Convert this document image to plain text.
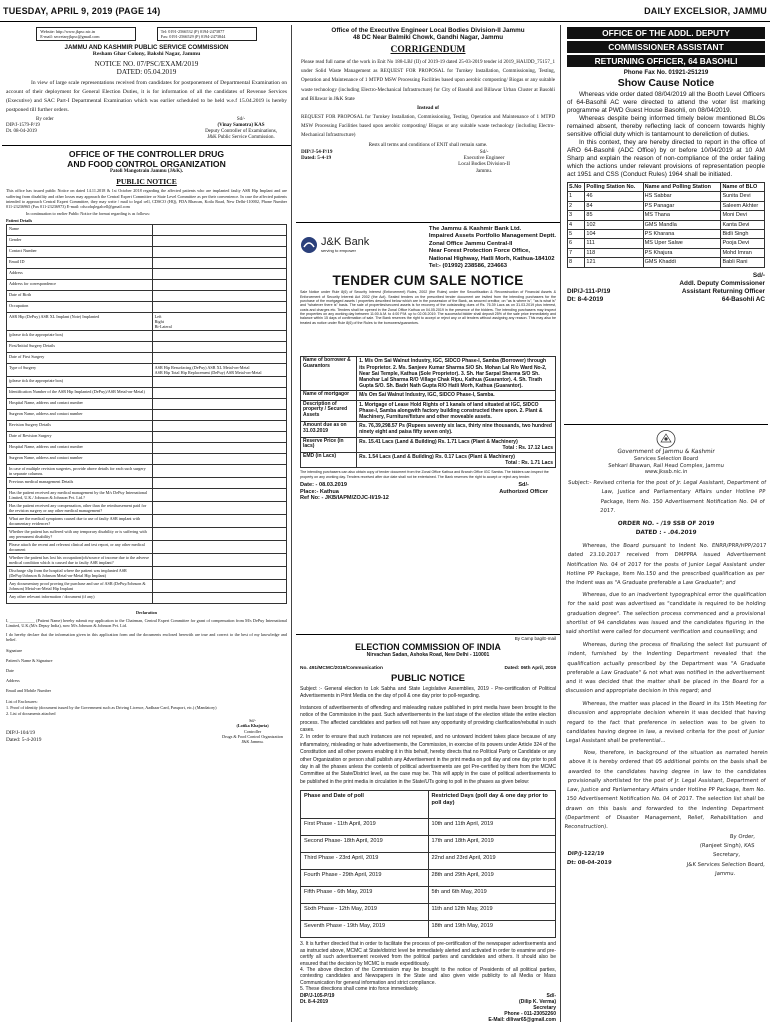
TUESDAY, APRIL 9, 2019 (PAGE 14)	DAILY EXCELSIOR, JAMMU
Website: http://www.jkpsc.nic.in
E-mail: secretaryjkpsc@gmail.com
Tel: 0191-2566532 (P) 0194-2473877
Fax: 0191-2566529 (P) 0194-2473844
JAMMU AND KASHMIR PUBLIC SERVICE COMMISSION
Resham Ghar Colony, Bakshi Nagar, Jammu
NOTICE NO. 07/PSC/EXAM/2019
DATED: 05.04.2019

In view of large scale representations received from candidates for postponement of Departmental Examination on account of their deployment for General Election Duties, it is for information of all the candidates of Revenue Services (Executive) and SAC Part-I Departmental Examination which was earlier scheduled to be held w.e.f 15.04.2019 is hereby postponed till further orders.

By order
DIP/J-1579-P/19
Dt. 08-04-2019
Sd/-
(Vinay Samotra) KAS
Deputy Controller of Examinations,
J&K Public Service Commission.
OFFICE OF THE CONTROLLER DRUG
AND FOOD CONTROL ORGANIZATION
Patoli Mangotrain Jammu (J&K).
PUBLIC NOTICE

This office has issued public Notice on dated 14.11.2018 & 1st October 2018 regarding the affected patients who are implanted faulty ASR Hip Implant and are suffering from disability and other losses may approach the Central Expert Committee or State Level Committee as per their convenience. In case the affected patients intended to approach Central Expert Committee, they may write / mail to legal cell, CDSCO (HQ), FDA Bhawan, Kotla Road, New Delhi-110002, Phone Number 011-23236965 (Fax 011-23236973) E-mail: cdscohqlegalcell@gmail.com

In continuation to earlier Public Notice the format regarding is as follows:

Patient Details
Name	
Gender	
Contact Number	
Email ID	
Address	
Address for correspondence	
Date of Birth	
Occupation	
ASR Hip (DePuy) ASR XL Implant (Note) Implanted	Left
Right
Bi-Lateral

(please tick the appropriate box)	
First/Initial Surgery Details	
Date of First Surgery	
Type of Surgery	ASR Hip Resurfacing (DePuy) ASR XL Metal-on-Metal
ASR Hip Total Hip Replacement (DePuy) ASR Metal-on-Metal

(please tick the appropriate box)	
Identification Number of the ASR Hip Implanted (DePuy)/ASR Metal-on-Metal)	
Hospital Name, address and contact number	
Surgeon Name, address and contact number	
Revision Surgery Details	
Date of Revision Surgery	
Hospital Name, address and contact number	
Surgeon Name, address and contact number	
In case of multiple revision surgeries, provide above details for each such surgery in separate columns.	
Previous medical management Details	
Has the patient received any medical management by the M/s DePuy International Limited, U.K./ Johnson & Johnson Pvt. Ltd.?	
Has the patient received any compensation, other than the reimbursement paid for the revision surgery or any other medical management?	
What are the medical symptoms caused due to use of faulty ASR implant with documentary evidences?	
Whether the patient has suffered with any temporary disability or is suffering with any permanent disability?	
Please attach the recent and relevant clinical and test report, or any other medical document	
Whether the patient has lost his occupation/job/source of income due to the adverse medical condition which is caused due to faulty ASR implant?	
Discharge slip from the hospital where the patient was implanted ASR (DePuy/Johnson & Johnson Metal-on-Metal Hip Implant)	
Any documentary proof proving the purchase and use of ASR (DePuy/Johnson & Johnson) Metal-on-Metal Hip Implant	
Any other relevant information / document (if any)	
Declaration

I, ____________ (Patient Name) hereby submit my application to the Chairman, Central Expert Committee for grant of compensation from M/s DePuy International Limited, U.K.(M/s Depuy India), now M/s Johnson & Johnson Pvt. Ltd.

I do hereby declare that the information given in this application form and the documents enclosed herewith are true and correct to the best of my knowledge and belief.

Signature
Patient's Name & Signature
Date
Address
Email and Mobile Number
List of Enclosures:
1. Proof of identity (document issued by the Government such as Driving Licence, Aadhaar Card, Passport, etc.) (Mandatory)
2. List of documents attached
DIP/J-104/19
Dated: 5-4-2019
Sd/-
(Lotika Khajuria)
Controller
Drugs & Food Control Organization
J&K Jammu.
Office of the Executive Engineer Local Bodies Division-II Jammu
48 DC Near Balmiki Chowk, Gandhi Nagar, Jammu
CORRIGENDUM

Please read full name of the work in Enit No 188-LBJ (II) of 2019-19 dated 25-03-2019 tender id 2019_HAUDD_75157_1 under Solid Waste Management as REQUEST FOR PROPOSAL for Turnkey Installation, Commissioning, Testing, Operation and Maintenance of 1 MTPD MSW Processing Facilities based upon aerobic composting/ Biogas or any suitable waste technology (including Electro-Mechanical Infrastructure) for City of Basohli and Billawar Urban Cluster at Basohli and Billawar in J&K State

Instead of

REQUEST FOR PROPOSAL for Turnkey Installation, Commissioning, Testing, Operation and Maintenance of 1 MTPD MSW Processing Facilities based upon aerobic composting/ Biogas or any suitable waste technology (including Electro-Mechanical Infrastructure)

Rests all terms and conditions of ENIT shall remain same.
DIP/J-54-P/19
Dated: 5-4-19
Sd/-
Executive Engineer
Local Bodies Division-II
Jammu.
J&K Bank
serving to empower
The Jammu & Kashmir Bank Ltd.
Impaired Assets Portfolio Management Deptt.
Zonal Office Jammu Central-II
Near Forest Protection Force Office,
National Highway, Hatli Morh, Kathua-184102
Tel:- (01992) 238586, 234663
TENDER CUM SALE NOTICE

Sale Notice under Rule 8(6) of Security Interest (Enforcement) Rules, 2002 (the Rules) under the Securitisation & Reconstruction of Financial Assets & Enforcement of Security Interest Act 2002 (the Act). Sealed tenders on the prescribed tender document are invited from the intending purchasers for the purchase of the mortgaged assets / properties described below which are in the possession of the Bank, as secured creditor, on "as is where is", "as is what is" and "whatever there is" basis. The sale of properties/secured assets is for recovery of the outstanding dues of Rs. 76.39 Lacs as on 31.03.2019 plus interest, costs and charges etc. Tenders shall be opened in the Zonal Office Kathua on 04.05.2019 in the presence of the bidders. The intending purchasers may inspect the properties on any working day between 11:00 A.M. to 4:00 P.M. up to 02.05.2019. The successful bidder shall deposit 25% of the sale price immediately and balance within 15 days of confirmation of sale. The Bank reserves the right to accept or reject any or all tenders without assigning any reason. This may also be treated as notice under Rule 8(6) of the Rules to the borrowers/guarantors.

Name of borrower & Guarantors	1. M/s Om Sai Walnut Industry, IGC, SIDCO Phase-I, Samba (Borrower) through its Proprietor. 2. Ms. Sanjeev Kumar Sharma S/O Sh. Mohan Lal R/o Ward No-2, Near Sai Temple, Kathua (Sole Proprietor). 3. Sh. Har Sarpal Sharma S/O Sh. Manohar Lal Sharma R/O Village Chak Ripu, Kathua (Guarantor). 4. Sh. Tirath Gupta S/O. Sh. Badri Nath Gupta R/O Hatli Morh, Kathua (Guarantor).

Name of mortgagor	M/s Om Sai Walnut Industry, IGC, SIDCO Phase-I, Samba.

Description of property / Secured Assets	1. Mortgage of Lease Hold Rights of 1 kanals of land situated at IGC, SIDCO Phase-I, Samba alongwith factory building constructed there upon. 2. Plant & Machinery, Furniture/fixture and other moveable assets.

Amount due as on 31.03.2019	Rs. 76,39,298.57 Ps (Rupees seventy six lacs, thirty nine thousands, two hundred ninety eight and paisa fifty seven only).

Reserve Price (in lacs)	Rs. 15.41 Lacs (Land & Building) Rs. 1.71 Lacs (Plant & Machinery)
Total : Rs. 17.12 Lacs

EMD (in Lacs)	Rs. 1.54 Lacs (Land & Building) Rs. 0.17 Lacs (Plant & Machinery)
Total : Rs. 1.71 Lacs

The intending purchasers can also obtain copy of tender document from the Zonal Office Kathua and Branch Office IGC Samba. The bidders can inspect the property on any working day. Tenders received after due date shall not be entertained. The Bank reserves the right to accept or reject any tender.

Date: - 08.03.2019
Place:- Kathua
Ref No: - JKB/IAPM/ZOJC-II/19-12
Sd/-
Authorized Officer
By Camp bag/E-mail
ELECTION COMMISSION OF INDIA
Nirvachan Sadan, Ashoka Road, New Delhi - 110001
No. 491/MCMC/2019/Communication	Dated: 06th April, 2019
PUBLIC NOTICE

Subject :- General election to Lok Sabha and State Legislative Assemblies, 2019 - Pre-certification of Political Advertisements in Print Media on the day of poll & one day prior to poll-regarding.

Instances of advertisements of offending and misleading nature published in print media have been brought to the notice of the Commission in the past. Such advertisements in the last stage of the election vitiate the entire election process. The affected candidates and parties will not have any opportunity of providing clarification/rebuttal in such cases.

2. In order to ensure that such instances are not repeated, and no untoward incident takes place because of any inflammatory, misleading or hate advertisements, the Commission, in exercise of its powers under Article 324 of the Constitution and all other powers enabling it in this behalf, hereby directs that no Political Party or Candidate or any other Organization or person shall publish any Advertisement in the print media on poll day and one day prior to poll day in all the phases unless the contents of political advertisements are got Pre-certified by them from the MCMC Committee at the State/District level, as the case may be. This will apply in the case of political advertisements to be published in the print media in circulation in the State/UTs going to poll in the phases as given below:

Phase and Date of poll	Restricted Days (poll day & one day prior to poll day)
First Phase - 11th April, 2019	10th and 11th April, 2019
Second Phase- 18th April, 2019	17th and 18th April, 2019
Third Phase - 23rd April, 2019	22nd and 23rd April, 2019
Fourth Phase - 29th April, 2019	28th and 29th April, 2019
Fifth Phase - 6th May, 2019	5th and 6th May, 2019
Sixth Phase - 12th May, 2019	11th and 12th May, 2019
Seventh Phase - 19th May, 2019	18th and 19th May, 2019

3. It is further directed that in order to facilitate the process of pre-certification of the newspaper advertisements and as instructed above, MCMC at State/district level be immediately alerted and activated in order to examine and pre-certify all such advertisement received from the political parties and candidates and others. It should also be ensured that the decision by MCMC is made expeditiously.

4. The above direction of the Commission may be brought to the notice of Presidents of all political parties, contesting candidates and Newspapers in the State and also given wide publicity to all Media or Mass Communication for general information and strict compliance.

5. These directions shall come into force immediately.

DIP/J-105-P/19
Dt. 8-4-2019
Sd/-
(Dilip K. Verma)
Secretary
Phone - 011-23052260
E-Mail: dilivar65@gmail.com
OFFICE OF THE ADDL. DEPUTY
COMMISSIONER ASSISTANT
RETURNING OFFICER, 64 BASOHLI
Phone Fax No. 01921-251219
Show Cause Notice

Whereas vide order dated 08/04/2019 all the Booth Level Officers of 64-Basohli AC were directed to attend the voter list marking programme at PWD Guest House Basohli, on 08/04/2019.

Whereas despite being informed timely below mentioned BLOs remained absent, thereby reflecting lack of concern towards highly sensitive official duty which is tantamount to dereliction of duties.

In this context, they are hereby directed to report in the office of ARO 64-Basohli (ADC Office) by or before 10/04/2019 at 10 AM Sharp and explain the reason of non-compliance of the order failing which the actions under relevant provisions of representation people act 1951 and CSS (Conduct Rules) 1964 shall be initiated.

S.No	Polling Station No.	Name and Polling Station	Name of BLO
1	46	HS Sabbar	Sunita Devi
2	84	PS Panagar	Saleem Akhter
3	85	MS Thana	Moni Devi
4	102	GMS Mandla	Kanta Devi
5	104	PS Kharana	Bidli Singh
6	111	MS Uper Salwe	Pooja Devi
7	118	PS Khajura	Mohd Imran
8	121	GMS Khaddi	Babli Rani
Sd/-
Addl. Deputy Commissioner
Assistant Returning Officer
64-Basohli AC
DIP/J-111-P/19
Dt: 8-4-2019
Government of Jammu & Kashmir
Services Selection Board
Sehkari Bhawan, Rail Head Complex, Jammu
www.jkssb.nic.in

Subject:- Revised criteria for the post of Jr. Legal Assistant, Department of Law, Justice and Parliamentary Affairs under Hotline PP Package, Item No. 150 Advertisement Notification No. 04 of 2017.

ORDER NO. - /19 SSB OF 2019
DATED : - .04.2019

Whereas, the Board pursuant to Indent No. ENRR/PRR/HPP/2017 dated 23.10.2017 received from DMPPRA issued Advertisement Notification No. 04 of 2017 for the posts of Junior Legal Assistant under Hotline PP Package, Item No.150 and the prescribed qualification as per the Indent was as "A Graduate preferable a Law Graduate"; and

Whereas, due to an inadvertent typographical error the qualification for the said post was advertised as "candidate is required to be holding graduation degree". The selection process commenced and a provisional shortlist of 94 candidates was issued and the candidates figuring in the said shortlist were called for document verification and counselling; and

Whereas, during the process of finalizing the select list pursuant of indent, furnished by the Indenting Department revealed that the qualification actually prescribed by the Department was "A Graduate preferable a Law Graduate" & not what was notified in the advertisement and it was decided that the matter shall be placed in the Board for a discussion and appropriate decision in this regard; and

Whereas, the matter was placed in the Board in its 15th Meeting for discussion and appropriate decision wherein it was decided that having regard to the fact that preference in selection was to be given to candidates having degree in law, a revised criteria for the post of Junior Legal Assistant shall be preferential...

Now, therefore, in background of the situation as narrated herein above it is hereby ordered that 05 additional points on the basis shall be awarded to the candidates having degree in law to the candidates provisionally shortlisted for the post of Jr. Legal Assistant, Department of Law, Justice and Parliamentary Affairs under Hotline PP Package, Item No. 150 Advertisement Notification No. 04 of 2017. The selection list shall be drawn on this basis and forwarded to the Indenting Department (Department of Disaster Management, Relief, Rehabilitation and Reconstruction).

By Order,
DIP/J-122/19
Dt: 08-04-2019
(Ranjeet Singh), KAS
Secretary,
J&K Services Selection Board,
Jammu.
